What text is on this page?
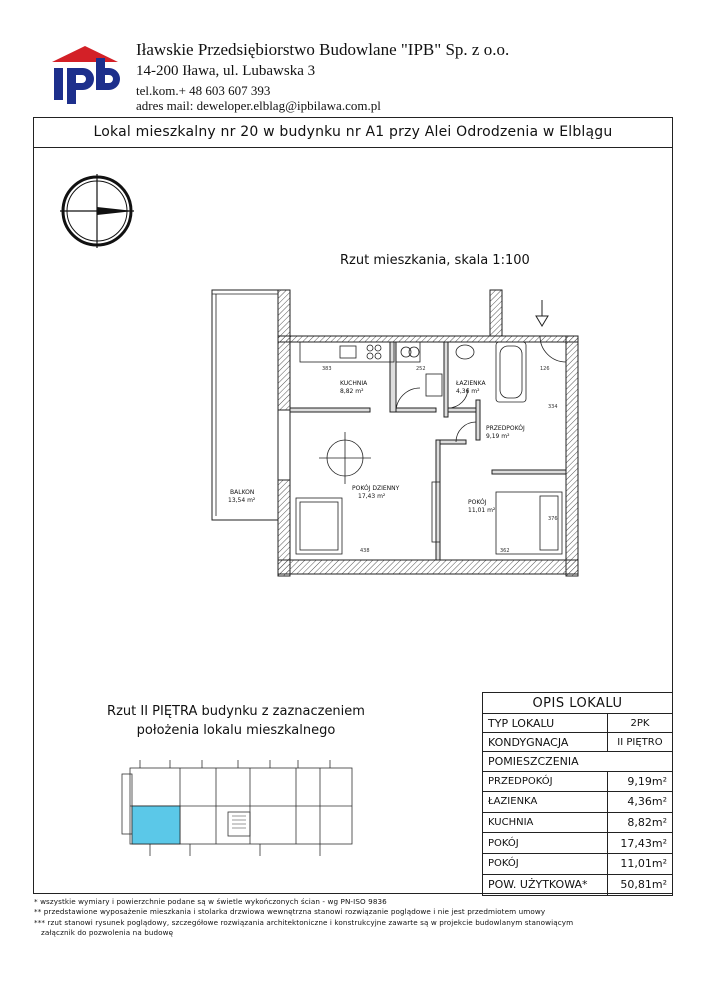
Iławskie Przedsiębiorstwo Budowlane "IPB" Sp. z o.o.
14-200 Iława, ul. Lubawska 3
tel.kom.+ 48 603 607 393
adres mail: deweloper.elblag@ipbilawa.com.pl
Lokal mieszkalny nr 20 w budynku nr A1 przy Alei Odrodzenia w Elblągu
Rzut mieszkania, skala 1:100
KUCHNIA
8,82 m²
ŁAZIENKA
4,36 m²
PRZEDPOKÓJ
9,19 m²
POKÓJ DZIENNY
17,43 m²
POKÓJ
11,01 m²
BALKON
13,54 m²
383	252	126
438	362
334
376
Rzut II PIĘTRA budynku z zaznaczeniem
położenia lokalu mieszkalnego
OPIS LOKALU	
TYP LOKALU	2PK
KONDYGNACJA	II PIĘTRO
POMIESZCZENIA	
PRZEDPOKÓJ	9,19m²
ŁAZIENKA	4,36m²
KUCHNIA	8,82m²
POKÓJ	17,43m²
POKÓJ	11,01m²
POW. UŻYTKOWA*	50,81m²
* wszystkie wymiary i powierzchnie podane są w świetle wykończonych ścian - wg PN-ISO 9836
** przedstawione wyposażenie mieszkania i stolarka drzwiowa wewnętrzna stanowi rozwiązanie poglądowe i nie jest przedmiotem umowy
*** rzut stanowi rysunek poglądowy, szczegółowe rozwiązania architektoniczne i konstrukcyjne zawarte są w projekcie budowlanym stanowiącym
załącznik do pozwolenia na budowę
